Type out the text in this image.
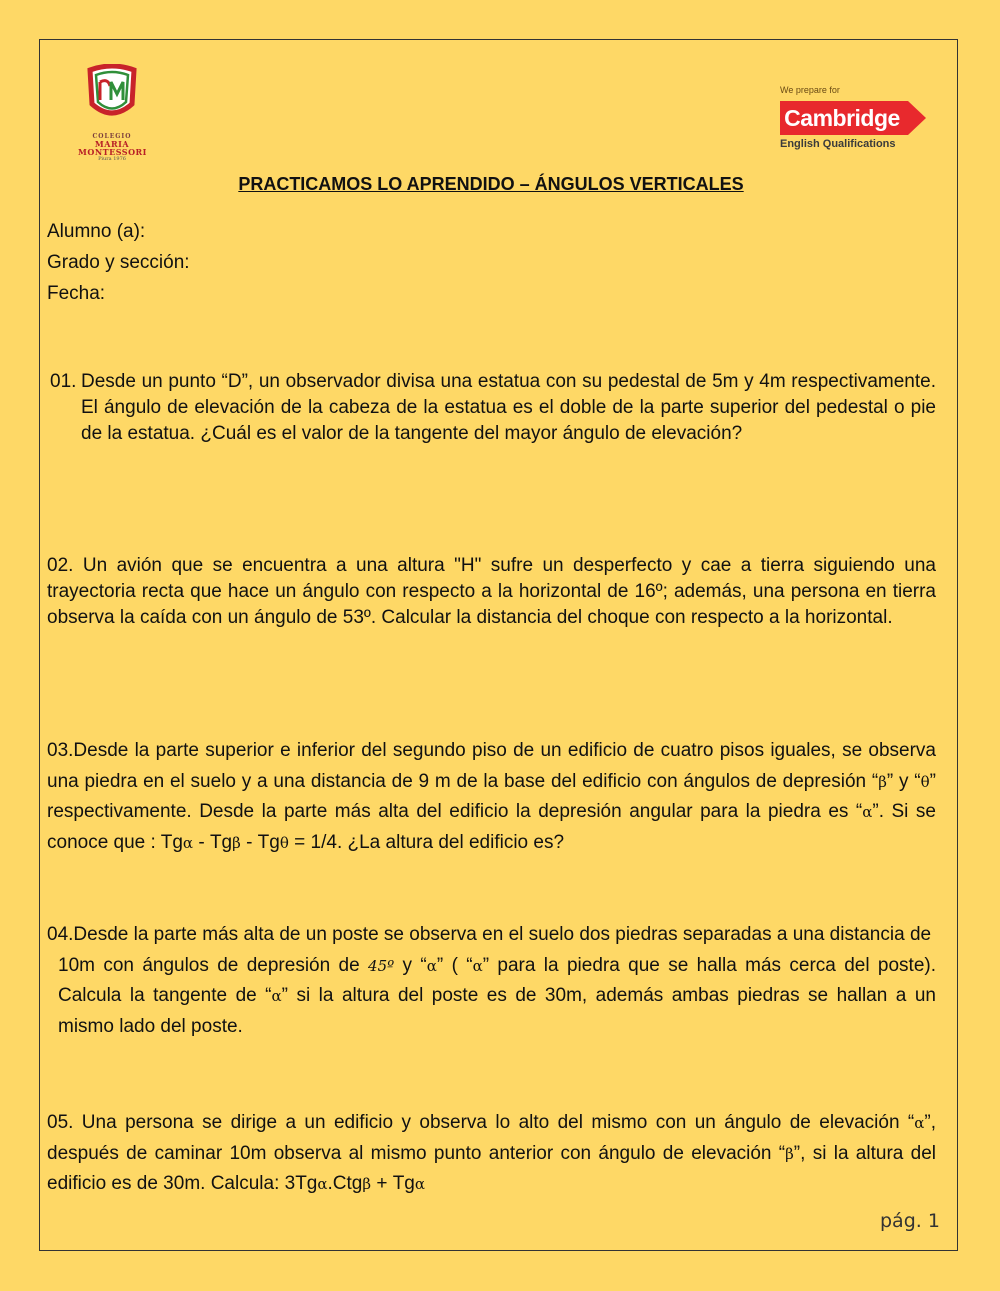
COLEGIO
MARIA
MONTESSORI
Piura 1976
We prepare for
Cambridge
English Qualifications
PRACTICAMOS LO APRENDIDO – ÁNGULOS VERTICALES
Alumno (a):
Grado y sección:
Fecha:
01. Desde un punto “D”, un observador divisa una estatua con su pedestal de 5m y 4m respectivamente. El ángulo de elevación de la cabeza de la estatua es el doble de la parte superior del pedestal o pie de la estatua. ¿Cuál es el valor de la tangente del mayor ángulo de elevación?
02. Un avión que se encuentra a una altura "H" sufre un desperfecto y cae a tierra siguiendo una trayectoria recta que hace un ángulo con respecto a la horizontal de 16º; además, una persona en tierra observa la caída con un ángulo de 53º. Calcular la distancia del choque con respecto a la horizontal.
03.Desde la parte superior e inferior del segundo piso de un edificio de cuatro pisos iguales, se observa una piedra en el suelo y a una distancia de 9 m de la base del edificio con ángulos de depresión “β” y “θ” respectivamente. Desde la parte más alta del edificio la depresión angular para la piedra es “α”. Si se conoce que : Tgα - Tgβ - Tgθ = 1/4. ¿La altura del edificio es?
04.Desde la parte más alta de un poste se observa en el suelo dos piedras separadas a una distancia de
10m con ángulos de depresión de 45º y “α” ( “α” para la piedra que se halla más cerca del poste). Calcula la tangente de “α” si la altura del poste es de 30m, además ambas piedras se hallan a un mismo lado del poste.
05. Una persona se dirige a un edificio y observa lo alto del mismo con un ángulo de elevación “α”, después de caminar 10m observa al mismo punto anterior con ángulo de elevación “β”, si la altura del edificio es de 30m. Calcula: 3Tgα.Ctgβ + Tgα
pág. 1
